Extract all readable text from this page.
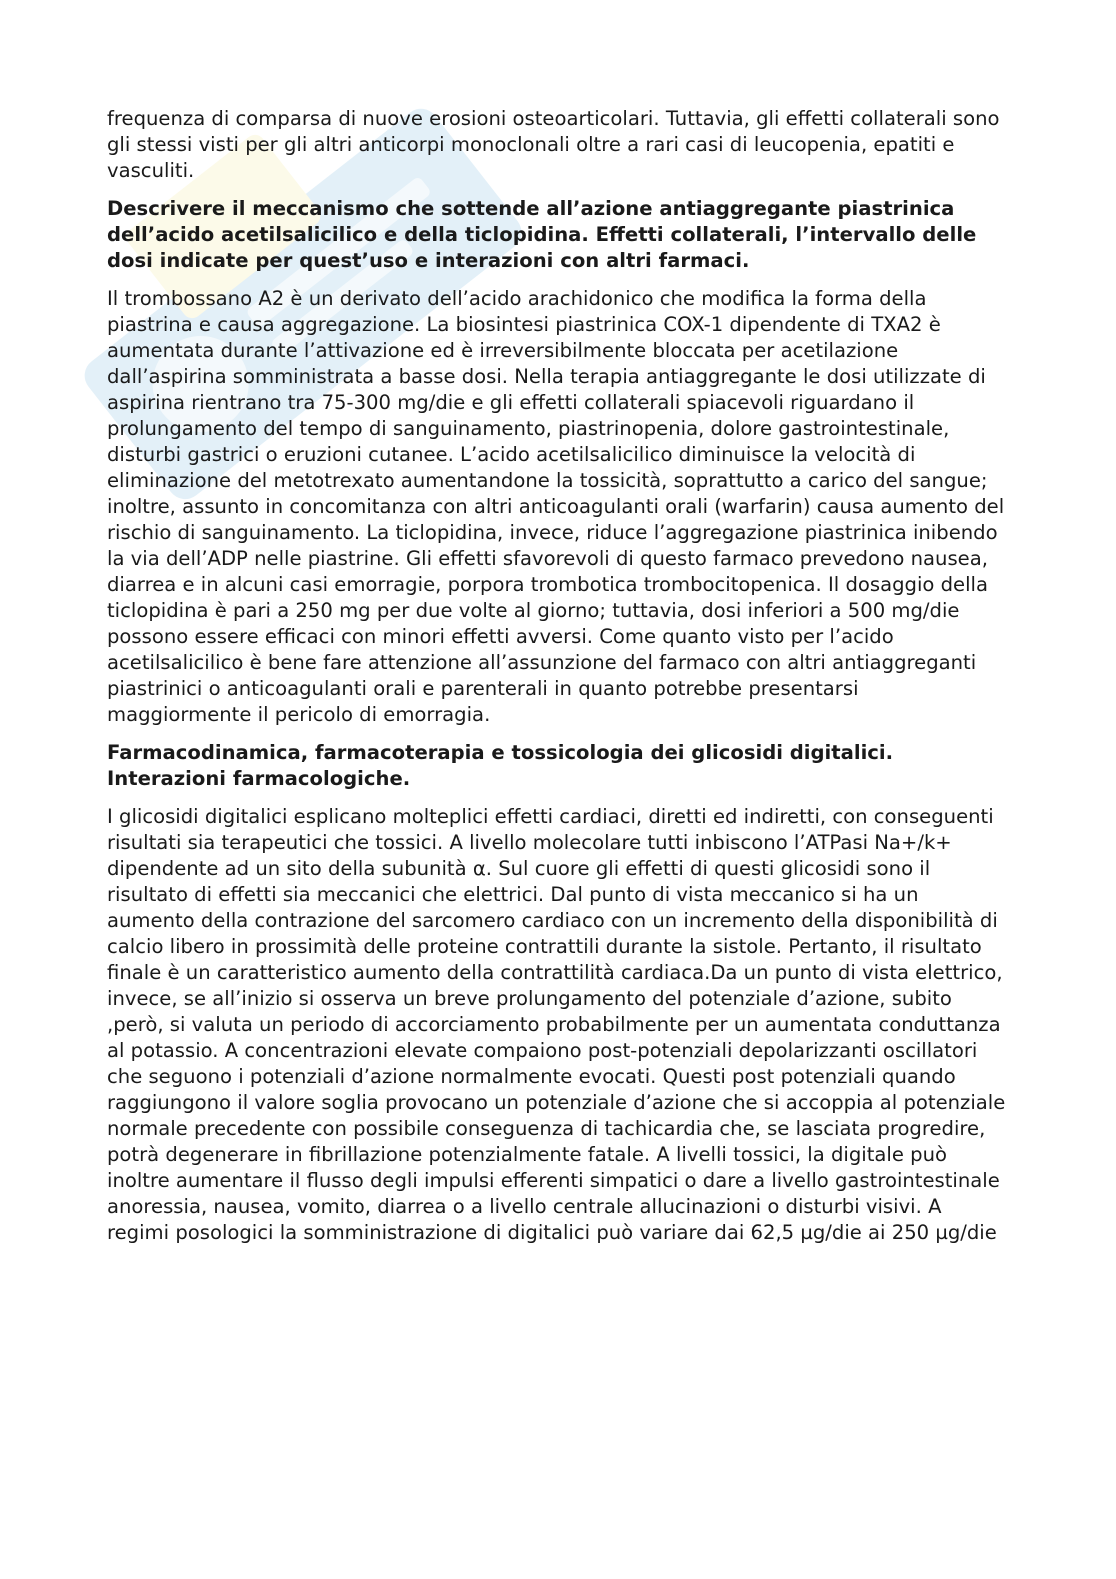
frequenza di comparsa di nuove erosioni osteoarticolari. Tuttavia, gli effetti collaterali sono gli stessi visti per gli altri anticorpi monoclonali oltre a rari casi di leucopenia, epatiti e vasculiti.

Descrivere il meccanismo che sottende all’azione antiaggregante piastrinica dell’acido acetilsalicilico e della ticlopidina. Effetti collaterali, l’intervallo delle dosi indicate per quest’uso e interazioni con altri farmaci.

Il trombossano A2 è un derivato dell’acido arachidonico che modifica la forma della piastrina e causa aggregazione. La biosintesi piastrinica COX-1 dipendente di TXA2 è aumentata durante l’attivazione ed è irreversibilmente bloccata per acetilazione dall’aspirina somministrata a basse dosi. Nella terapia antiaggregante le dosi utilizzate di aspirina rientrano tra 75-300 mg/die e gli effetti collaterali spiacevoli riguardano il prolungamento del tempo di sanguinamento, piastrinopenia, dolore gastrointestinale, disturbi gastrici o eruzioni cutanee. L’acido acetilsalicilico diminuisce la velocità di eliminazione del metotrexato aumentandone la tossicità, soprattutto a carico del sangue; inoltre, assunto in concomitanza con altri anticoagulanti orali (warfarin) causa aumento del rischio di sanguinamento. La ticlopidina, invece, riduce l’aggregazione piastrinica inibendo la via dell’ADP nelle piastrine. Gli effetti sfavorevoli di questo farmaco prevedono nausea, diarrea e in alcuni casi emorragie, porpora trombotica trombocitopenica. Il dosaggio della ticlopidina è pari a 250 mg per due volte al giorno; tuttavia, dosi inferiori a 500 mg/die possono essere efficaci con minori effetti avversi. Come quanto visto per l’acido acetilsalicilico è bene fare attenzione all’assunzione del farmaco con altri antiaggreganti piastrinici o anticoagulanti orali e parenterali in quanto potrebbe presentarsi maggiormente il pericolo di emorragia.

Farmacodinamica, farmacoterapia e tossicologia dei glicosidi digitalici. Interazioni farmacologiche.

I glicosidi digitalici esplicano molteplici effetti cardiaci, diretti ed indiretti, con conseguenti risultati sia terapeutici che tossici. A livello molecolare tutti inbiscono l’ATPasi Na+/k+ dipendente ad un sito della subunità α. Sul cuore gli effetti di questi glicosidi sono il risultato di effetti sia meccanici che elettrici. Dal punto di vista meccanico si ha un aumento della contrazione del sarcomero cardiaco con un incremento della disponibilità di calcio libero in prossimità delle proteine contrattili durante la sistole. Pertanto, il risultato finale è un caratteristico aumento della contrattilità cardiaca.Da un punto di vista elettrico, invece, se all’inizio si osserva un breve prolungamento del potenziale d’azione, subito ,però, si valuta un periodo di accorciamento probabilmente per un aumentata conduttanza al potassio. A concentrazioni elevate compaiono post-potenziali depolarizzanti oscillatori che seguono i potenziali d’azione normalmente evocati. Questi post potenziali quando raggiungono il valore soglia provocano un potenziale d’azione che si accoppia al potenziale normale precedente con possibile conseguenza di tachicardia che, se lasciata progredire, potrà degenerare in fibrillazione potenzialmente fatale. A livelli tossici, la digitale può inoltre aumentare il flusso degli impulsi efferenti simpatici o dare a livello gastrointestinale anoressia, nausea, vomito, diarrea o a livello centrale allucinazioni o disturbi visivi. A regimi posologici la somministrazione di digitalici può variare dai 62,5 µg/die ai 250 µg/die
